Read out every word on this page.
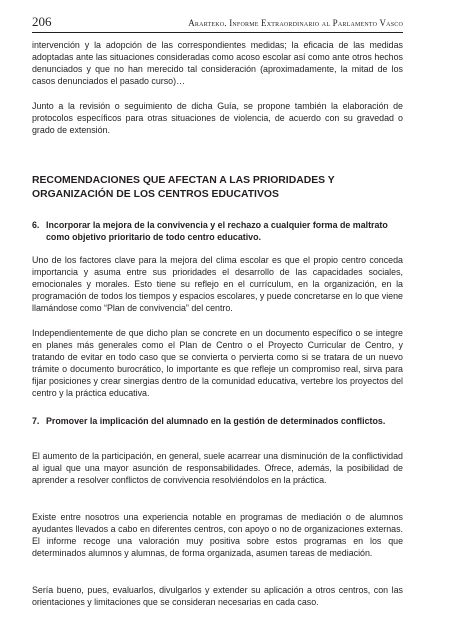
206	Ararteko. Informe Extraordinario al Parlamento Vasco

intervención y la adopción de las correspondientes medidas; la eficacia de las medidas adoptadas ante las situaciones consideradas como acoso escolar así como ante otros hechos denunciados y que no han merecido tal consideración (aproximadamente, la mitad de los casos denunciados el pasado curso)…

Junto a la revisión o seguimiento de dicha Guía, se propone también la elaboración de protocolos específicos para otras situaciones de violencia, de acuerdo con su gravedad o grado de extensión.

RECOMENDACIONES QUE AFECTAN A LAS PRIORIDADES Y ORGANIZACIÓN DE LOS CENTROS EDUCATIVOS
6. Incorporar la mejora de la convivencia y el rechazo a cualquier forma de maltrato como objetivo prioritario de todo centro educativo.

Uno de los factores clave para la mejora del clima escolar es que el propio centro conceda importancia y asuma entre sus prioridades el desarrollo de las capacidades sociales, emocionales y morales. Esto tiene su reflejo en el currículum, en la organización, en la programación de todos los tiempos y espacios escolares, y puede concretarse en lo que viene llamándose como “Plan de convivencia” del centro.

Independientemente de que dicho plan se concrete en un documento específico o se integre en planes más generales como el Plan de Centro o el Proyecto Curricular de Centro, y tratando de evitar en todo caso que se convierta o pervierta como si se tratara de un nuevo trámite o documento burocrático, lo importante es que refleje un compromiso real, sirva para fijar posiciones y crear sinergias dentro de la comunidad educativa, vertebre los proyectos del centro y la práctica educativa.

7. Promover la implicación del alumnado en la gestión de determinados conflictos.

El aumento de la participación, en general, suele acarrear una disminución de la conflictividad al igual que una mayor asunción de responsabilidades. Ofrece, además, la posibilidad de aprender a resolver conflictos de convivencia resolviéndolos en la práctica.

Existe entre nosotros una experiencia notable en programas de mediación o de alumnos ayudantes llevados a cabo en diferentes centros, con apoyo o no de organizaciones externas. El informe recoge una valoración muy positiva sobre estos programas en los que determinados alumnos y alumnas, de forma organizada, asumen tareas de mediación.

Sería bueno, pues, evaluarlos, divulgarlos y extender su aplicación a otros centros, con las orientaciones y limitaciones que se consideran necesarias en cada caso.
